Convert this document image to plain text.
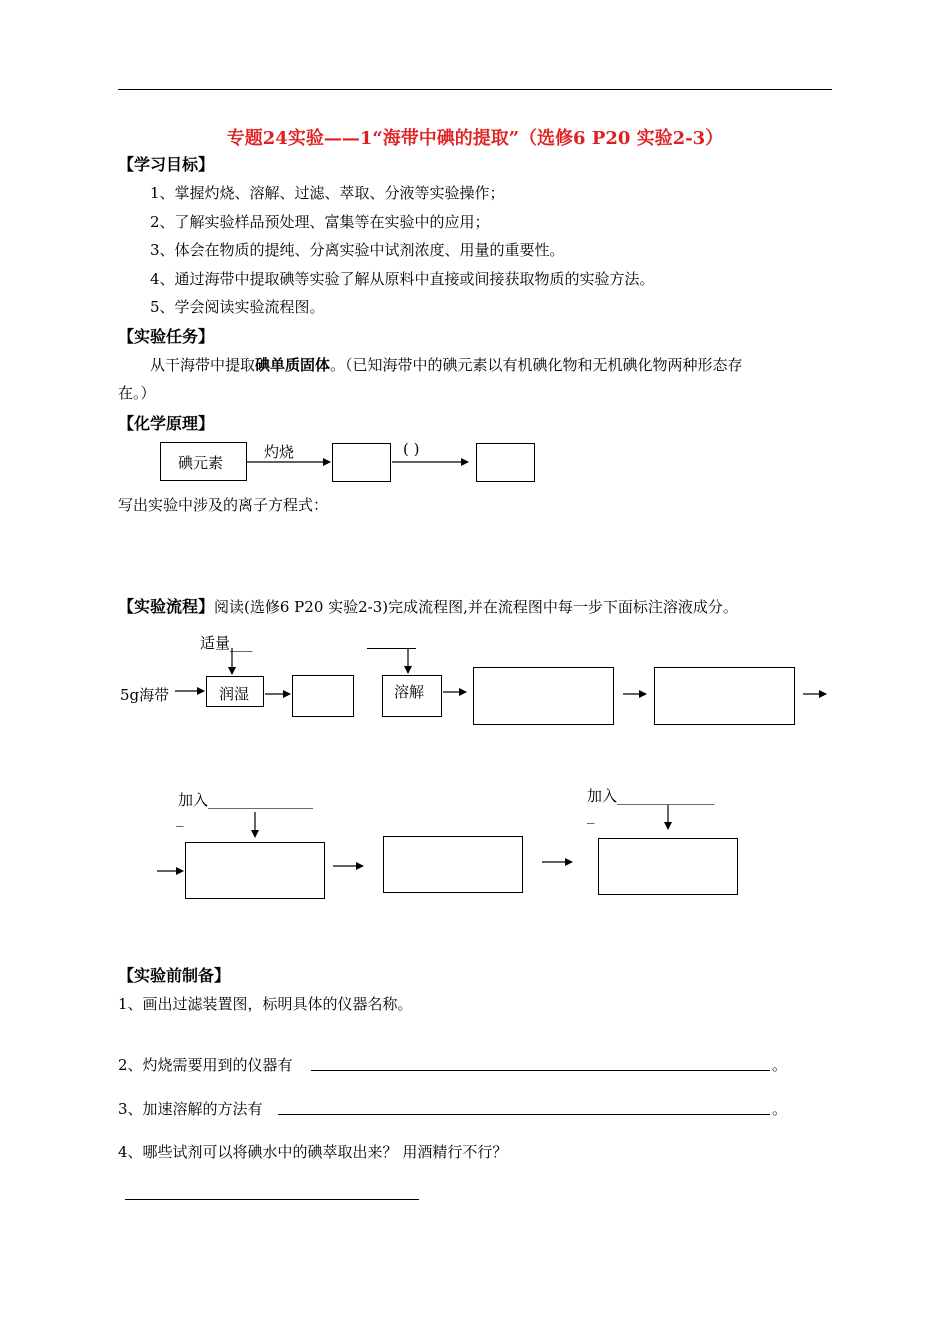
专题24实验——1“海带中碘的提取”（选修6 P20 实验2-3）
【学习目标】
1、掌握灼烧、溶解、过滤、萃取、分液等实验操作；
2、了解实验样品预处理、富集等在实验中的应用；
3、体会在物质的提纯、分离实验中试剂浓度、用量的重要性。
4、通过海带中提取碘等实验了解从原料中直接或间接获取物质的实验方法。
5、学会阅读实验流程图。
【实验任务】
从干海带中提取碘单质固体。（已知海带中的碘元素以有机碘化物和无机碘化物两种形态存
在。）
【化学原理】
碘元素
灼烧	( )
写出实验中涉及的离子方程式：
【实验流程】阅读(选修6 P20 实验2-3)完成流程图,并在流程图中每一步下面标注溶液成分。
适量___
5g海带	润湿	溶解
加入______________
_
加入_____________
_
【实验前制备】
1、画出过滤装置图，标明具体的仪器名称。
2、灼烧需要用到的仪器有	。
3、加速溶解的方法有	。
4、哪些试剂可以将碘水中的碘萃取出来？ 用酒精行不行？
